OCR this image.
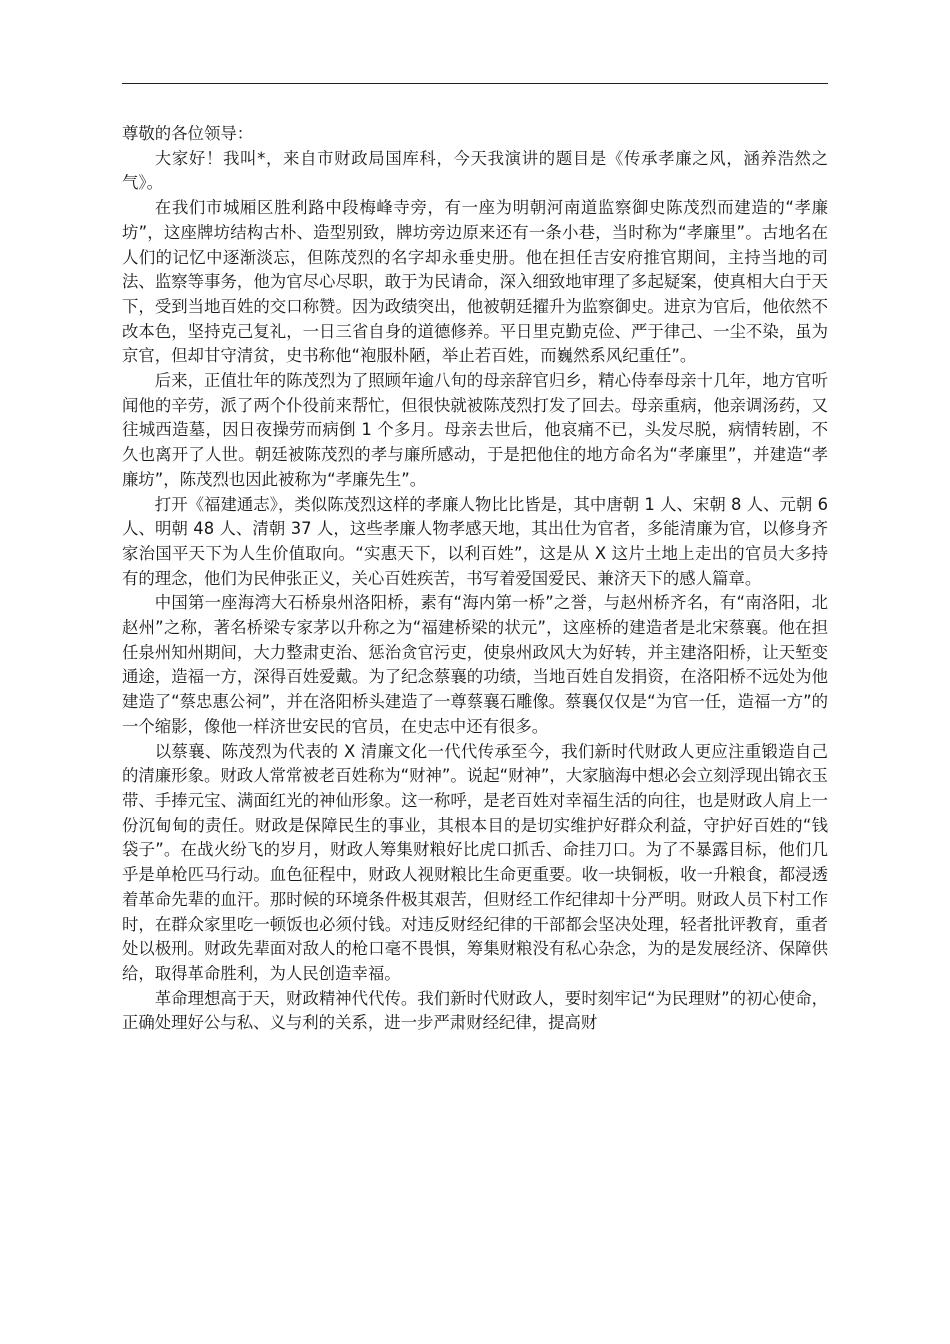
尊敬的各位领导：

大家好！我叫*，来自市财政局国库科，今天我演讲的题目是《传承孝廉之风，涵养浩然之气》。

在我们市城厢区胜利路中段梅峰寺旁，有一座为明朝河南道监察御史陈茂烈而建造的“孝廉坊”，这座牌坊结构古朴、造型别致，牌坊旁边原来还有一条小巷，当时称为“孝廉里”。古地名在人们的记忆中逐渐淡忘，但陈茂烈的名字却永垂史册。他在担任吉安府推官期间，主持当地的司法、监察等事务，他为官尽心尽职，敢于为民请命，深入细致地审理了多起疑案，使真相大白于天下，受到当地百姓的交口称赞。因为政绩突出，他被朝廷擢升为监察御史。进京为官后，他依然不改本色，坚持克己复礼，一日三省自身的道德修养。平日里克勤克俭、严于律己、一尘不染，虽为京官，但却甘守清贫，史书称他“袍服朴陋，举止若百姓，而巍然系风纪重任”。

后来，正值壮年的陈茂烈为了照顾年逾八旬的母亲辞官归乡，精心侍奉母亲十几年，地方官听闻他的辛劳，派了两个仆役前来帮忙，但很快就被陈茂烈打发了回去。母亲重病，他亲调汤药，又往城西造墓，因日夜操劳而病倒 1 个多月。母亲去世后，他哀痛不已，头发尽脱，病情转剧，不久也离开了人世。朝廷被陈茂烈的孝与廉所感动，于是把他住的地方命名为“孝廉里”，并建造“孝廉坊”，陈茂烈也因此被称为“孝廉先生”。

打开《福建通志》，类似陈茂烈这样的孝廉人物比比皆是，其中唐朝 1 人、宋朝 8 人、元朝 6 人、明朝 48 人、清朝 37 人，这些孝廉人物孝感天地，其出仕为官者，多能清廉为官，以修身齐家治国平天下为人生价值取向。“实惠天下，以利百姓”，这是从 X 这片土地上走出的官员大多持有的理念，他们为民伸张正义，关心百姓疾苦，书写着爱国爱民、兼济天下的感人篇章。

中国第一座海湾大石桥泉州洛阳桥，素有“海内第一桥”之誉，与赵州桥齐名，有“南洛阳，北赵州”之称，著名桥梁专家茅以升称之为“福建桥梁的状元”，这座桥的建造者是北宋蔡襄。他在担任泉州知州期间，大力整肃吏治、惩治贪官污吏，使泉州政风大为好转，并主建洛阳桥，让天堑变通途，造福一方，深得百姓爱戴。为了纪念蔡襄的功绩，当地百姓自发捐资，在洛阳桥不远处为他建造了“蔡忠惠公祠”，并在洛阳桥头建造了一尊蔡襄石雕像。蔡襄仅仅是“为官一任，造福一方”的一个缩影，像他一样济世安民的官员，在史志中还有很多。

以蔡襄、陈茂烈为代表的 X 清廉文化一代代传承至今，我们新时代财政人更应注重锻造自己的清廉形象。财政人常常被老百姓称为“财神”。说起“财神”，大家脑海中想必会立刻浮现出锦衣玉带、手捧元宝、满面红光的神仙形象。这一称呼，是老百姓对幸福生活的向往，也是财政人肩上一份沉甸甸的责任。财政是保障民生的事业，其根本目的是切实维护好群众利益，守护好百姓的“钱袋子”。在战火纷飞的岁月，财政人筹集财粮好比虎口抓舌、命挂刀口。为了不暴露目标，他们几乎是单枪匹马行动。血色征程中，财政人视财粮比生命更重要。收一块铜板，收一升粮食，都浸透着革命先辈的血汗。那时候的环境条件极其艰苦，但财经工作纪律却十分严明。财政人员下村工作时，在群众家里吃一顿饭也必须付钱。对违反财经纪律的干部都会坚决处理，轻者批评教育，重者处以极刑。财政先辈面对敌人的枪口毫不畏惧，筹集财粮没有私心杂念，为的是发展经济、保障供给，取得革命胜利，为人民创造幸福。

革命理想高于天，财政精神代代传。我们新时代财政人，要时刻牢记“为民理财”的初心使命，正确处理好公与私、义与利的关系，进一步严肃财经纪律，提高财
